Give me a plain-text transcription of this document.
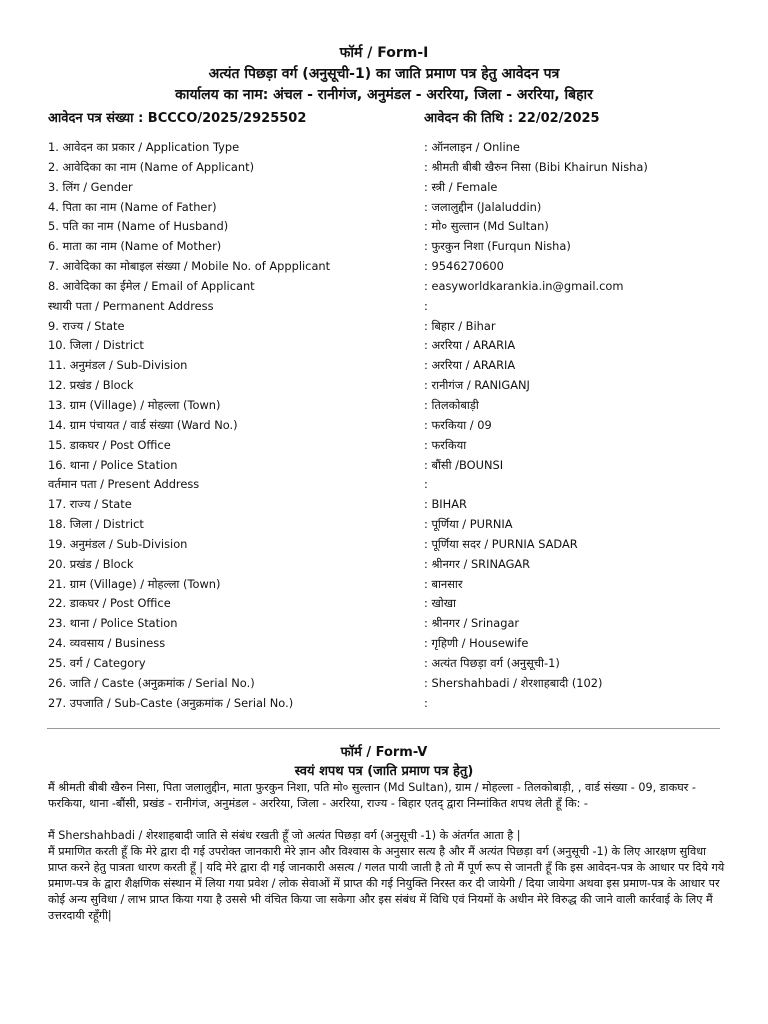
फॉर्म / Form-I
अत्यंत पिछड़ा वर्ग (अनुसूची-1) का जाति प्रमाण पत्र हेतु आवेदन पत्र
कार्यालय का नाम: अंचल - रानीगंज, अनुमंडल - अररिया, जिला - अररिया, बिहार
आवेदन पत्र संख्या : BCCCO/2025/2925502	आवेदन की तिथि : 22/02/2025
1. आवेदन का प्रकार / Application Type	: ऑनलाइन / Online
2. आवेदिका का नाम (Name of Applicant)	: श्रीमती बीबी खैरुन निसा (Bibi Khairun Nisha)
3. लिंग / Gender	: स्त्री / Female
4. पिता का नाम (Name of Father)	: जलालुद्दीन (Jalaluddin)
5. पति का नाम (Name of Husband)	: मो० सुल्तान (Md Sultan)
6. माता का नाम (Name of Mother)	: फुरकुन निशा (Furqun Nisha)
7. आवेदिका का मोबाइल संख्या / Mobile No. of Appplicant	: 9546270600
8. आवेदिका का ईमेल / Email of Applicant	: easyworldkarankia.in@gmail.com
स्थायी पता / Permanent Address	:
9. राज्य / State	: बिहार / Bihar
10. जिला / District	: अररिया / ARARIA
11. अनुमंडल / Sub-Division	: अररिया / ARARIA
12. प्रखंड / Block	: रानीगंज / RANIGANJ
13. ग्राम (Village) / मोहल्ला (Town)	: तिलकोबाड़ी
14. ग्राम पंचायत / वार्ड संख्या (Ward No.)	: फरकिया / 09
15. डाकघर / Post Office	: फरकिया
16. थाना / Police Station	: बौंसी /BOUNSI
वर्तमान पता / Present Address	:
17. राज्य / State	: BIHAR
18. जिला / District	: पूर्णिया / PURNIA
19. अनुमंडल / Sub-Division	: पूर्णिया सदर / PURNIA SADAR
20. प्रखंड / Block	: श्रीनगर / SRINAGAR
21. ग्राम (Village) / मोहल्ला (Town)	: बानसार
22. डाकघर / Post Office	: खोखा
23. थाना / Police Station	: श्रीनगर / Srinagar
24. व्यवसाय / Business	: गृहिणी / Housewife
25. वर्ग / Category	: अत्यंत पिछड़ा वर्ग (अनुसूची-1)
26. जाति / Caste (अनुक्रमांक / Serial No.)	: Shershahbadi / शेरशाहबादी (102)
27. उपजाति / Sub-Caste (अनुक्रमांक / Serial No.)	:
फॉर्म / Form-V
स्वयं शपथ पत्र (जाति प्रमाण पत्र हेतु)
मैं श्रीमती बीबी खैरुन निसा, पिता जलालुद्दीन, माता फुरकुन निशा, पति मो० सुल्तान (Md Sultan), ग्राम / मोहल्ला - तिलकोबाड़ी, , वार्ड संख्या - 09, डाकघर - फरकिया, थाना -बौंसी, प्रखंड - रानीगंज, अनुमंडल - अररिया, जिला - अररिया, राज्य - बिहार एतद् द्वारा निम्नांकित शपथ लेती हूँ कि: -
मैं Shershahbadi / शेरशाहबादी जाति से संबंध रखती हूँ जो अत्यंत पिछड़ा वर्ग (अनुसूची -1) के अंतर्गत आता है |
मैं प्रमाणित करती हूँ कि मेरे द्वारा दी गई उपरोक्त जानकारी मेरे ज्ञान और विश्वास के अनुसार सत्य है और मैं अत्यंत पिछड़ा वर्ग (अनुसूची -1) के लिए आरक्षण सुविधा प्राप्त करने हेतु पात्रता धारण करती हूँ | यदि मेरे द्वारा दी गई जानकारी असत्य / गलत पायी जाती है तो मैं पूर्ण रूप से जानती हूँ कि इस आवेदन-पत्र के आधार पर दिये गये प्रमाण-पत्र के द्वारा शैक्षणिक संस्थान में लिया गया प्रवेश / लोक सेवाओं में प्राप्त की गई नियुक्ति निरस्त कर दी जायेगी / दिया जायेगा अथवा इस प्रमाण-पत्र के आधार पर कोई अन्य सुविधा / लाभ प्राप्त किया गया है उससे भी वंचित किया जा सकेगा और इस संबंध में विधि एवं नियमों के अधीन मेरे विरुद्ध की जाने वाली कार्रवाई के लिए मैं उत्तरदायी रहूँगी|
